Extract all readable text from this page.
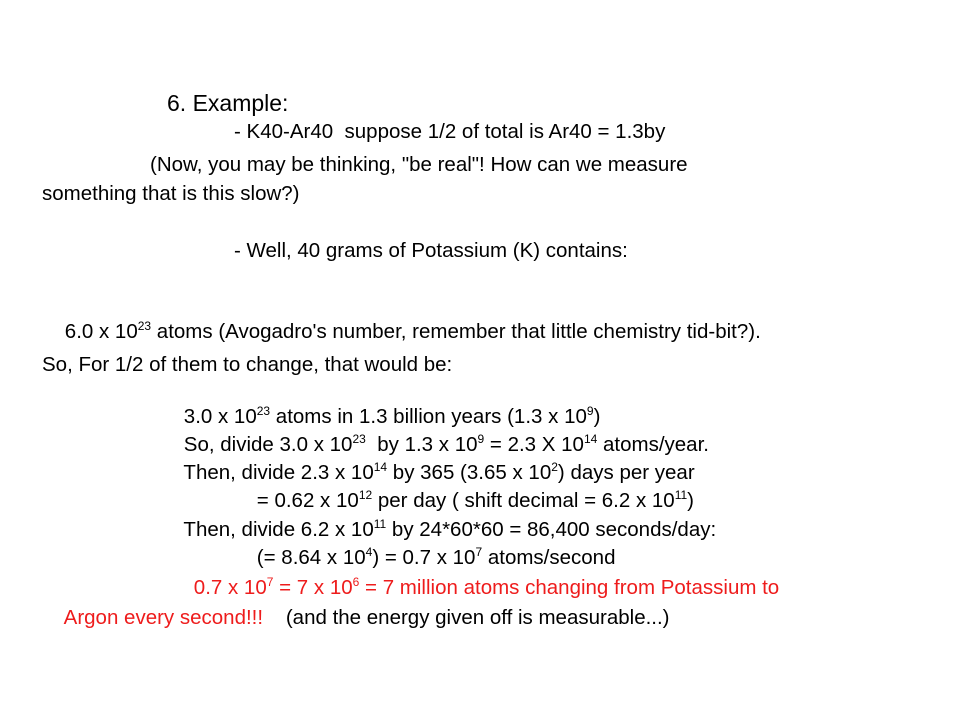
6. Example:
- K40-Ar40  suppose 1/2 of total is Ar40 = 1.3by
(Now, you may be thinking, "be real"! How can we measure
something that is this slow?)
- Well, 40 grams of Potassium (K) contains:

6.0 x $10^{23}$ atoms (Avogadro's number, remember that little chemistry tid-bit?).

So, For 1/2 of them to change, that would be:

3.0 x $10^{23}$ atoms in 1.3 billion years (1.3 x $10^9$)

So, divide 3.0 x $10^{23}$  by 1.3 x $10^9 = 2.3$ X $10^{14}$ atoms/year.

Then, divide 2.3 x $10^{14}$ by 365 (3.65 x $10^2$) days per year

= 0.62 x $10^{12}$ per day ( shift decimal = 6.2 x $10^{11}$)

Then, divide 6.2 x $10^{11}$ by 24*60*60 = 86,400 seconds/day:

(= 8.64 x $10^4) = 0.7$ x $10^7$ atoms/second

0.7 x $10^7 = 7$ x $10^6 = 7$ million atoms changing from Potassium to

Argon every second!!!    (and the energy given off is measurable...)
